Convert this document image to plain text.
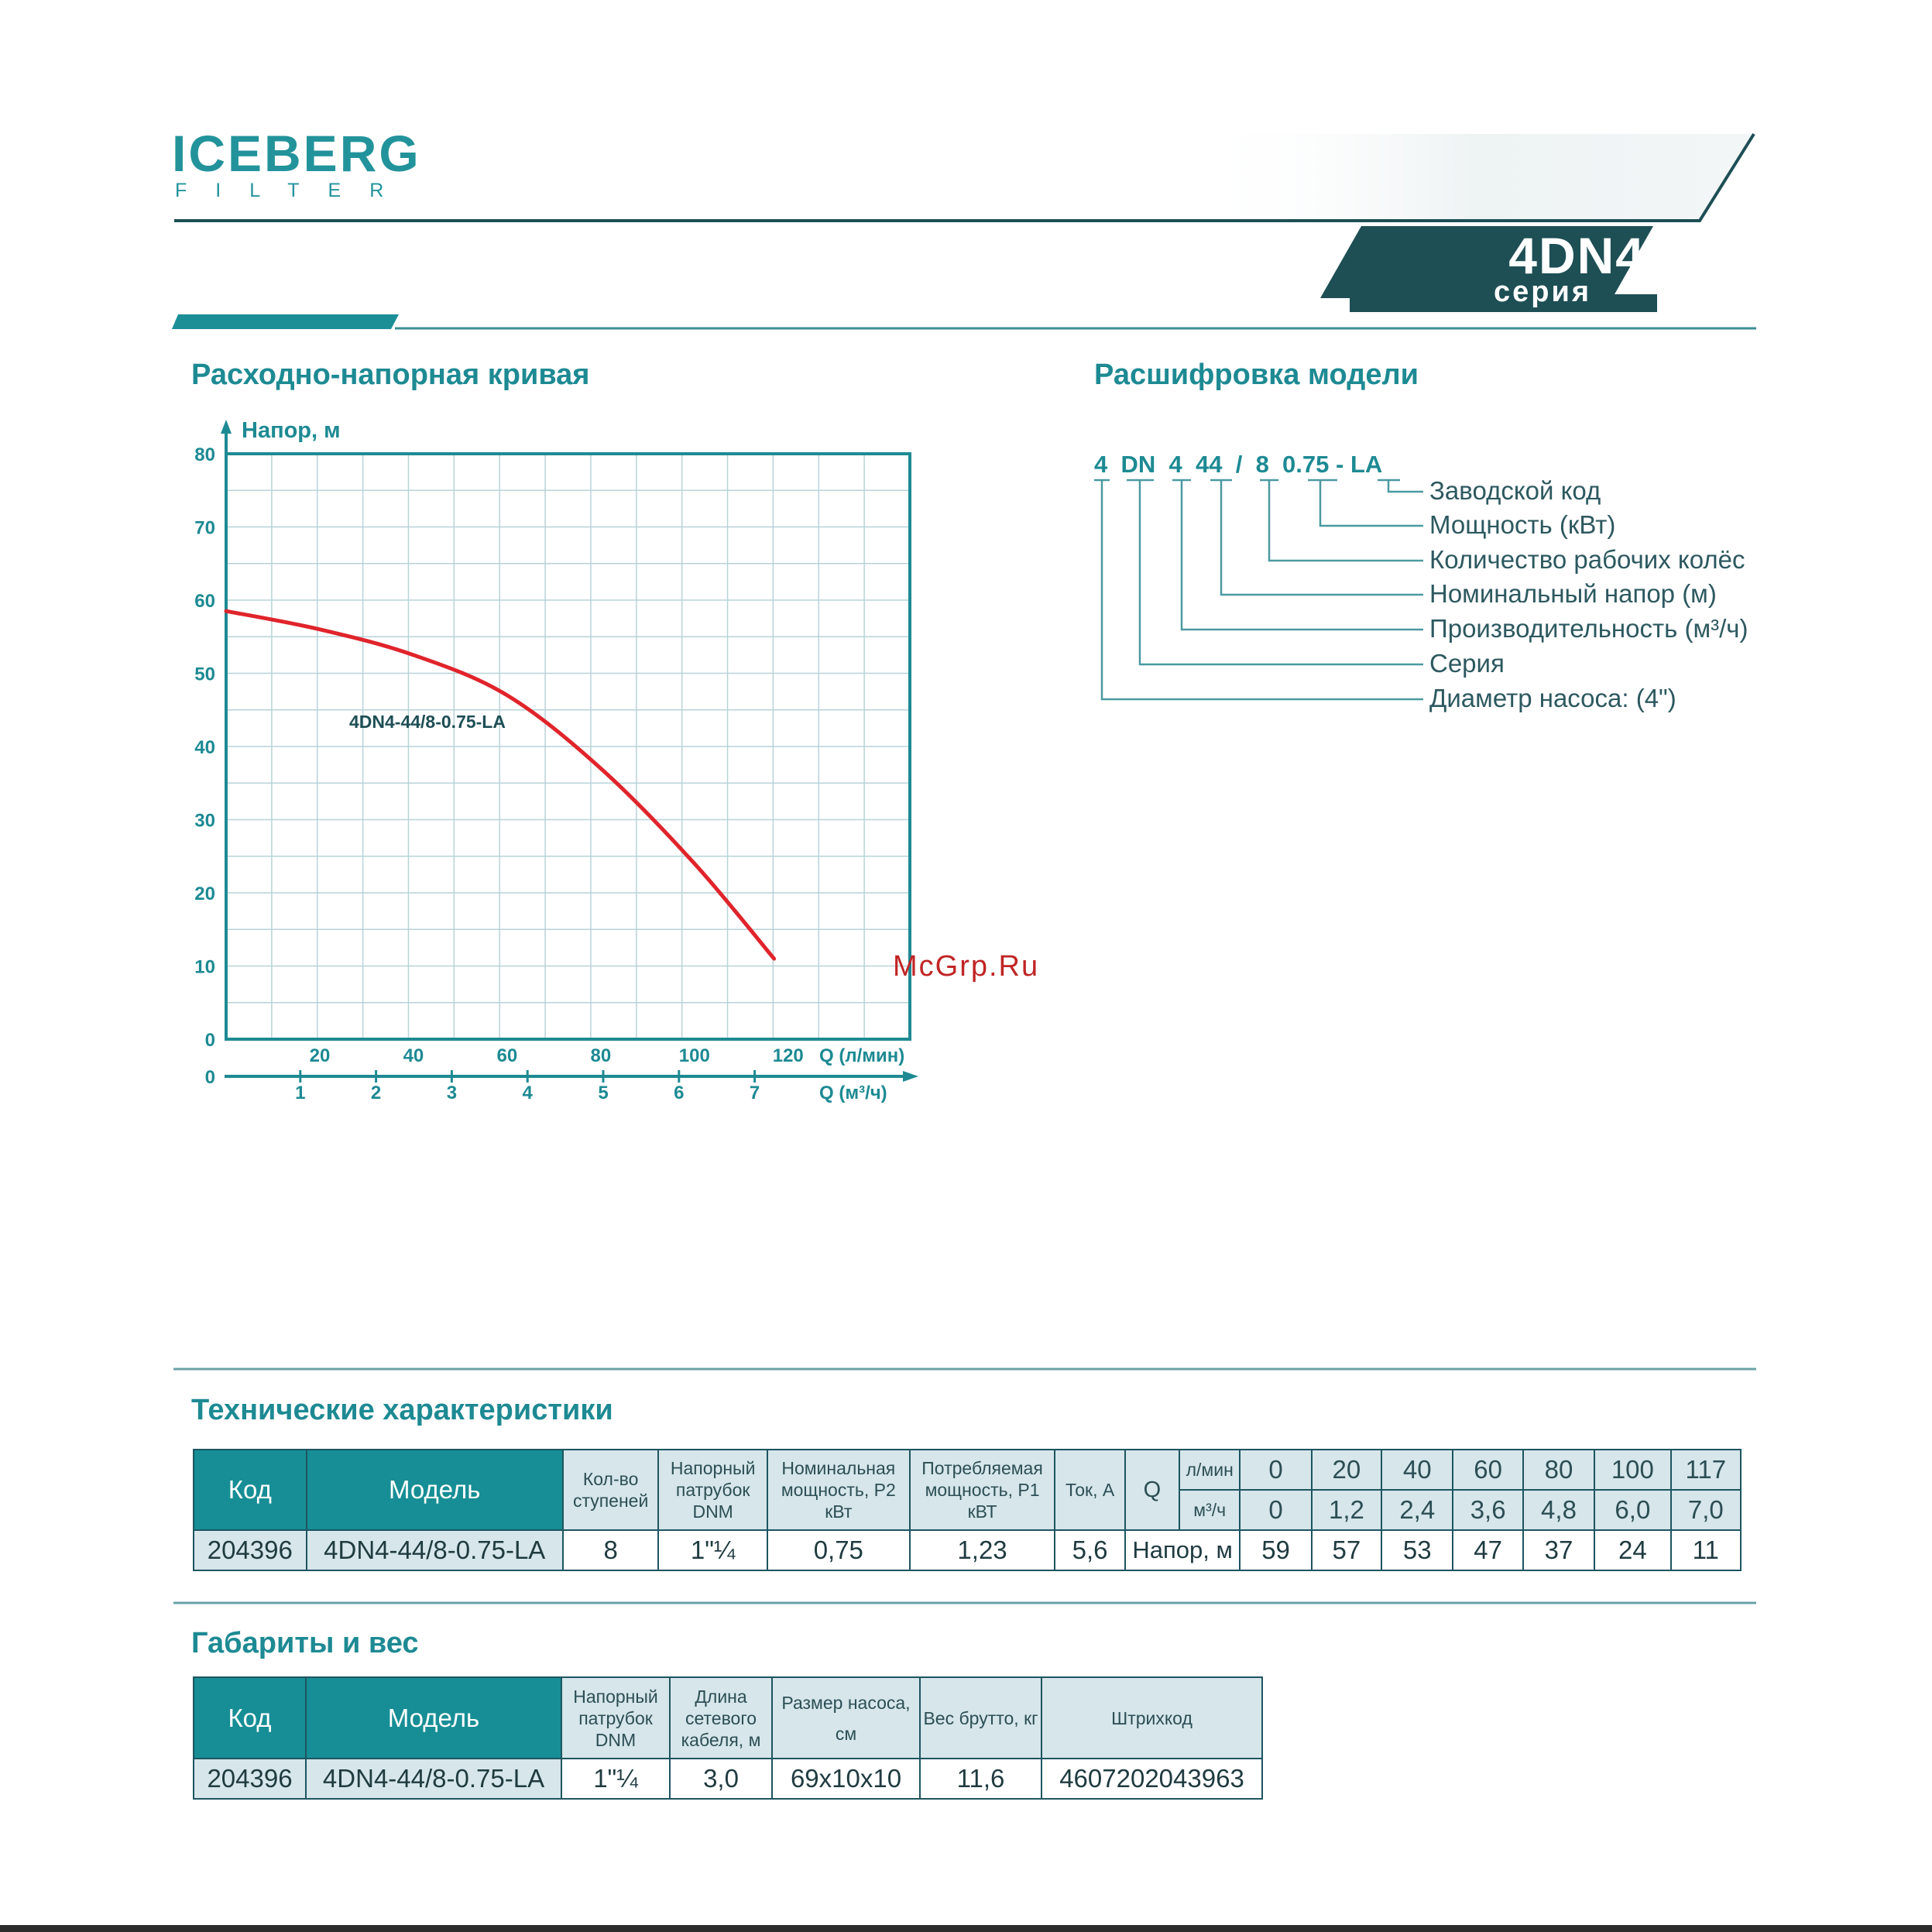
ICEBERG
FILTER
4DN4
серия
Расходно-напорная кривая	Расшифровка модели
Напор, м
0
10
20
30
40
50
60
70
80
20	40	60	80	100	120 Q (л/мин)
0
1	2	3	4	5	6	7	Q (м³/ч)
4DN4-44/8-0.75-LA
McGrp.Ru
4 DN 4 44 / 8 0.75 - LA
Заводской код
Мощность (кВт)
Количество рабочих колёс
Номинальный напор (м)
Производительность (м³/ч)
Серия
Диаметр насоса: (4")
Технические характеристики
Код	Модель	Кол-во ступеней	Напорный патрубок DNM	Номинальная мощность, Р2 кВт	Потребляемая мощность, Р1 кВТ	Ток, А	Q	л/мин	0	20	40	60	80	100	117
								м³/ч	0	1,2	2,4	3,6	4,8	6,0	7,0
204396	4DN4-44/8-0.75-LA	8	1"¼	0,75	1,23	5,6	Напор, м		59	57	53	47	37	24	11
Габариты и вес
Код	Модель	Напорный патрубок DNM	Длина сетевого кабеля, м	Размер насоса, см	Вес брутто, кг	Штрихкод
204396	4DN4-44/8-0.75-LA	1"¼	3,0	69x10x10	11,6	4607202043963
